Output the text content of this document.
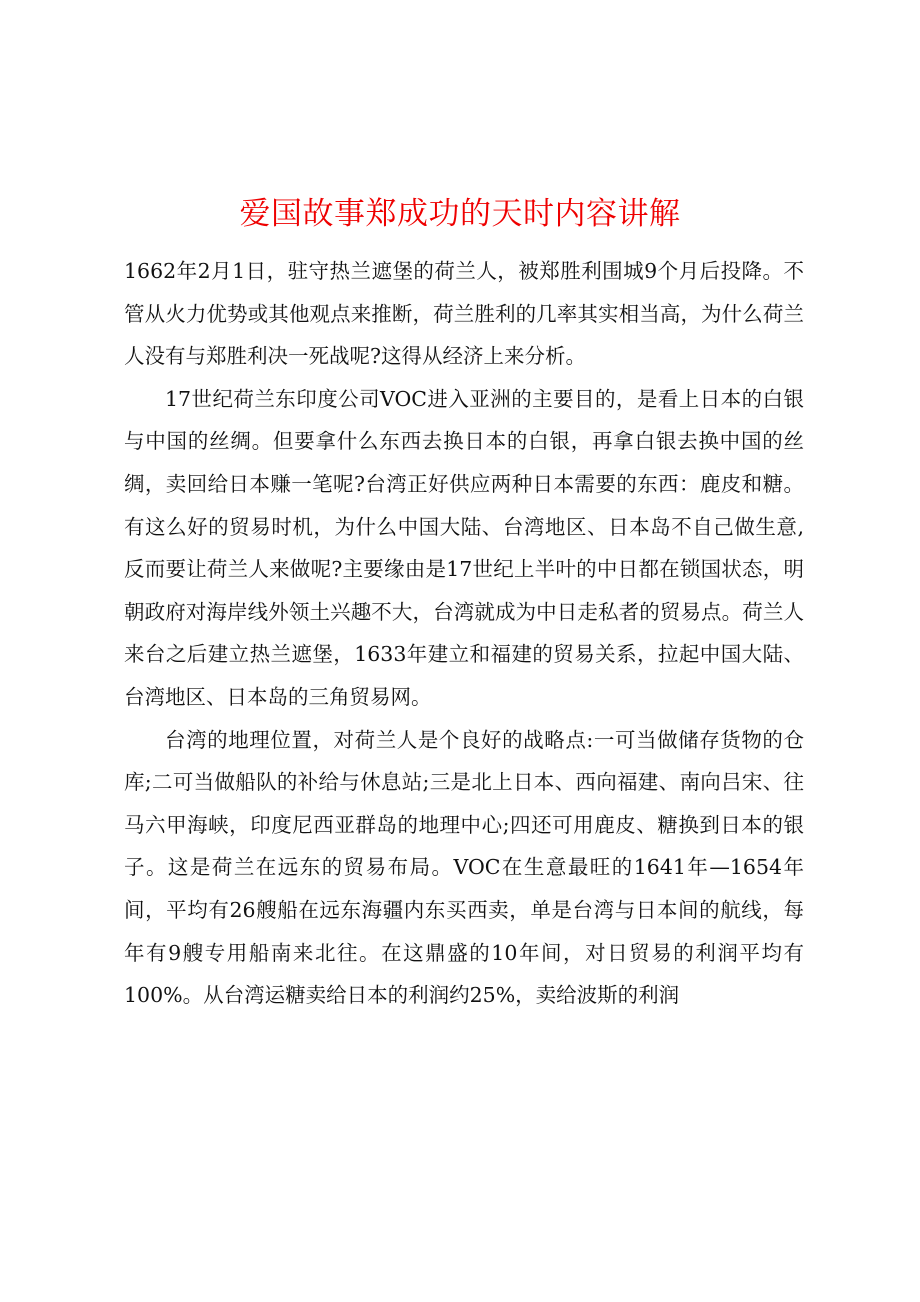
爱国故事郑成功的天时内容讲解

1662年2月1日，驻守热兰遮堡的荷兰人，被郑胜利围城9个月后投降。不管从火力优势或其他观点来推断，荷兰胜利的几率其实相当高，为什么荷兰人没有与郑胜利决一死战呢?这得从经济上来分析。

17世纪荷兰东印度公司VOC进入亚洲的主要目的，是看上日本的白银与中国的丝绸。但要拿什么东西去换日本的白银，再拿白银去换中国的丝绸，卖回给日本赚一笔呢?台湾正好供应两种日本需要的东西：鹿皮和糖。有这么好的贸易时机，为什么中国大陆、台湾地区、日本岛不自己做生意,反而要让荷兰人来做呢?主要缘由是17世纪上半叶的中日都在锁国状态，明朝政府对海岸线外领土兴趣不大，台湾就成为中日走私者的贸易点。荷兰人来台之后建立热兰遮堡，1633年建立和福建的贸易关系，拉起中国大陆、台湾地区、日本岛的三角贸易网。

台湾的地理位置，对荷兰人是个良好的战略点:一可当做储存货物的仓库;二可当做船队的补给与休息站;三是北上日本、西向福建、南向吕宋、往马六甲海峡，印度尼西亚群岛的地理中心;四还可用鹿皮、糖换到日本的银子。这是荷兰在远东的贸易布局。VOC在生意最旺的1641年—1654年间，平均有26艘船在远东海疆内东买西卖，单是台湾与日本间的航线，每年有9艘专用船南来北往。在这鼎盛的10年间，对日贸易的利润平均有100%。从台湾运糖卖给日本的利润约25%，卖给波斯的利润
